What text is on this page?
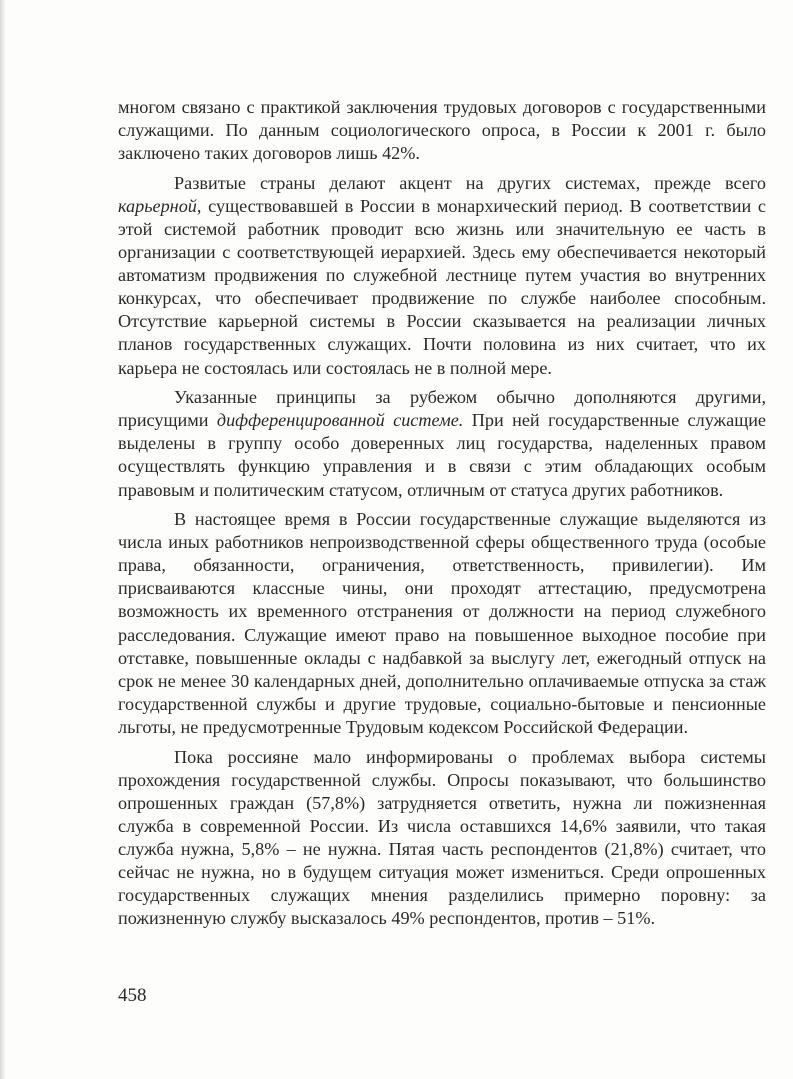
многом связано с практикой заключения трудовых договоров с государственными служащими. По данным социологического опроса, в России к 2001 г. было заключено таких договоров лишь 42%.

Развитые страны делают акцент на других системах, прежде всего карьерной, существовавшей в России в монархический период. В соответствии с этой системой работник проводит всю жизнь или значительную ее часть в организации с соответствующей иерархией. Здесь ему обеспечивается некоторый автоматизм продвижения по служебной лестнице путем участия во внутренних конкурсах, что обеспечивает продвижение по службе наиболее способным. Отсутствие карьерной системы в России сказывается на реализации личных планов государственных служащих. Почти половина из них считает, что их карьера не состоялась или состоялась не в полной мере.

Указанные принципы за рубежом обычно дополняются другими, присущими дифференцированной системе. При ней государственные служащие выделены в группу особо доверенных лиц государства, наделенных правом осуществлять функцию управления и в связи с этим обладающих особым правовым и политическим статусом, отличным от статуса других работников.

В настоящее время в России государственные служащие выделяются из числа иных работников непроизводственной сферы общественного труда (особые права, обязанности, ограничения, ответственность, привилегии). Им присваиваются классные чины, они проходят аттестацию, предусмотрена возможность их временного отстранения от должности на период служебного расследования. Служащие имеют право на повышенное выходное пособие при отставке, повышенные оклады с надбавкой за выслугу лет, ежегодный отпуск на срок не менее 30 календарных дней, дополнительно оплачиваемые отпуска за стаж государственной службы и другие трудовые, социально-бытовые и пенсионные льготы, не предусмотренные Трудовым кодексом Российской Федерации.

Пока россияне мало информированы о проблемах выбора системы прохождения государственной службы. Опросы показывают, что большинство опрошенных граждан (57,8%) затрудняется ответить, нужна ли пожизненная служба в современной России. Из числа оставшихся 14,6% заявили, что такая служба нужна, 5,8% – не нужна. Пятая часть респондентов (21,8%) считает, что сейчас не нужна, но в будущем ситуация может измениться. Среди опрошенных государственных служащих мнения разделились примерно поровну: за пожизненную службу высказалось 49% респондентов, против – 51%.

458
